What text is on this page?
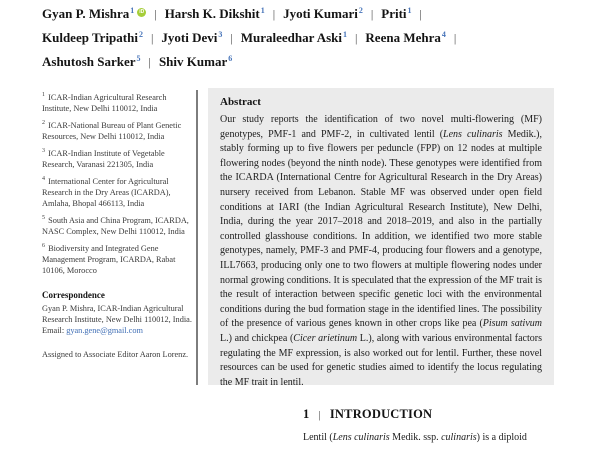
Gyan P. Mishra$^1$ iD | Harsh K. Dikshit$^1$ | Jyoti Kumari$^2$ | Priti$^1$ |
Kuldeep Tripathi$^2$ | Jyoti Devi$^3$ | Muraleedhar Aski$^1$ | Reena Mehra$^4$ |
Ashutosh Sarker$^5$ | Shiv Kumar$^6$
$^1$ ICAR-Indian Agricultural Research Institute, New Delhi 110012, India
$^2$ ICAR-National Bureau of Plant Genetic Resources, New Delhi 110012, India
$^3$ ICAR-Indian Institute of Vegetable Research, Varanasi 221305, India
$^4$ International Center for Agricultural Research in the Dry Areas (ICARDA), Amlaha, Bhopal 466113, India
$^5$ South Asia and China Program, ICARDA, NASC Complex, New Delhi 110012, India
$^6$ Biodiversity and Integrated Gene Management Program, ICARDA, Rabat 10106, Morocco
Correspondence
Gyan P. Mishra, ICAR-Indian Agricultural Research Institute, New Delhi 110012, India.
Email: gyan.gene@gmail.com
Assigned to Associate Editor Aaron Lorenz.
Abstract
Our study reports the identification of two novel multi-flowering (MF) genotypes, PMF-1 and PMF-2, in cultivated lentil (Lens culinaris Medik.), stably forming up to five flowers per peduncle (FPP) on 12 nodes at multiple flowering nodes (beyond the ninth node). These genotypes were identified from the ICARDA (International Centre for Agricultural Research in the Dry Areas) nursery received from Lebanon. Stable MF was observed under open field conditions at IARI (the Indian Agricultural Research Institute), New Delhi, India, during the year 2017–2018 and 2018–2019, and also in the partially controlled glasshouse conditions. In addition, we identified two more stable genotypes, namely, PMF-3 and PMF-4, producing four flowers and a genotype, ILL7663, producing only one to two flowers at multiple flowering nodes under normal growing conditions. It is speculated that the expression of the MF trait is the result of interaction between specific genetic loci with the environmental conditions during the bud formation stage in the identified lines. The possibility of the presence of various genes known in other crops like pea (Pisum sativum L.) and chickpea (Cicer arietinum L.), along with various environmental factors regulating the MF expression, is also worked out for lentil. Further, these novel resources can be used for genetic studies aimed to identify the locus regulating the MF trait in lentil.
1 | INTRODUCTION
Lentil (Lens culinaris Medik. ssp. culinaris) is a diploid
